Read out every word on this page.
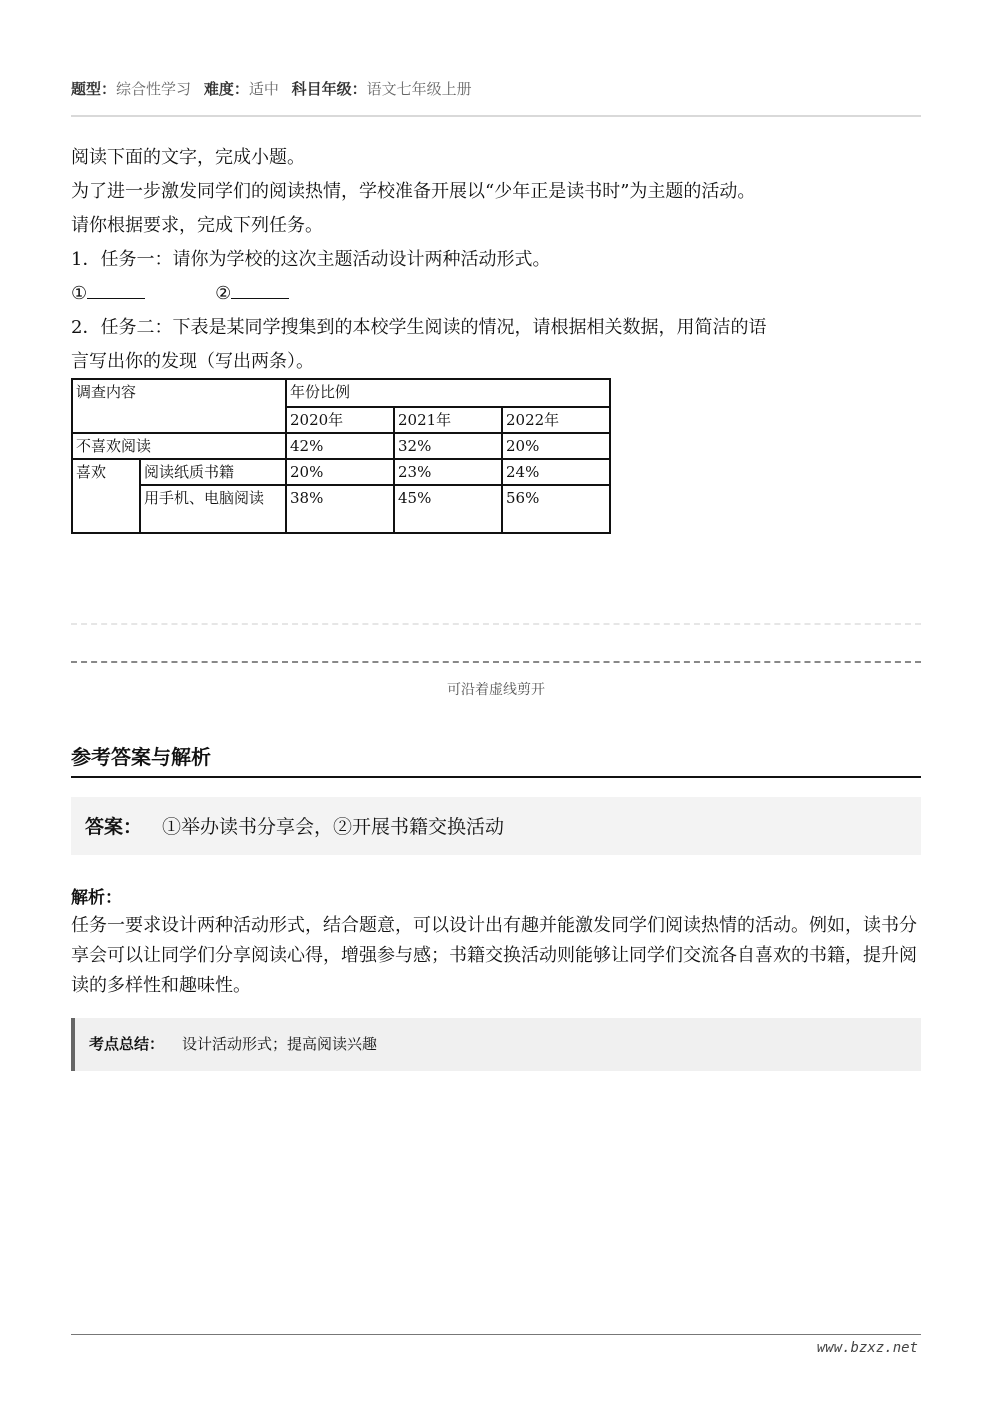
题型：综合性学习 难度：适中 科目年级：语文七年级上册

阅读下面的文字，完成小题。

为了进一步激发同学们的阅读热情，学校准备开展以“少年正是读书时”为主题的活动。

请你根据要求，完成下列任务。

1．任务一：请你为学校的这次主题活动设计两种活动形式。

①	②

2．任务二：下表是某同学搜集到的本校学生阅读的情况，请根据相关数据，用简洁的语

言写出你的发现（写出两条）。

调查内容		年份比例		
		2020年	2021年	2022年
不喜欢阅读		42%	32%	20%
喜欢	阅读纸质书籍	20%	23%	24%
	用手机、电脑阅读	38%	45%	56%
可沿着虚线剪开
参考答案与解析
答案： ①举办读书分享会，②开展书籍交换活动
解析：
任务一要求设计两种活动形式，结合题意，可以设计出有趣并能激发同学们阅读热情的活动。例如，读书分享会可以让同学们分享阅读心得，增强参与感；书籍交换活动则能够让同学们交流各自喜欢的书籍，提升阅读的多样性和趣味性。
考点总结： 设计活动形式；提高阅读兴趣
www.bzxz.net
